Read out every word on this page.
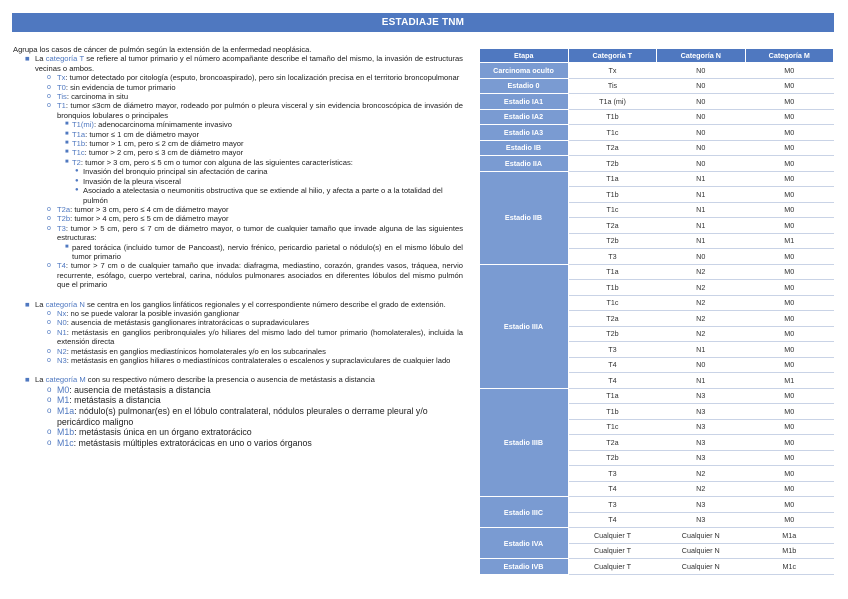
ESTADIAJE TNM

Agrupa los casos de cáncer de pulmón según la extensión de la enfermedad neoplásica.

■ La categoría T se refiere al tumor primario y el número acompañante describe el tamaño del mismo, la invasión de estructuras vecinas o ambos.
o Tx: tumor detectado por citología (esputo, broncoaspirado), pero sin localización precisa en el territorio broncopulmonar
o T0: sin evidencia de tumor primario
o Tis: carcinoma in situ
o T1: tumor ≤3cm de diámetro mayor, rodeado por pulmón o pleura visceral y sin evidencia broncoscópica de invasión de bronquios lobulares o principales
■ T1(mi): adenocarcinoma mínimamente invasivo
■ T1a: tumor ≤ 1 cm de diámetro mayor
■ T1b: tumor > 1 cm, pero ≤ 2 cm de diámetro mayor
■ T1c: tumor > 2 cm, pero ≤ 3 cm de diámetro mayor
■ T2: tumor > 3 cm, pero ≤ 5 cm o tumor con alguna de las siguientes características:
● Invasión del bronquio principal sin afectación de carina
● Invasión de la pleura visceral
● Asociado a atelectasia o neumonitis obstructiva que se extiende al hilio, y afecta a parte o a la totalidad del pulmón
o T2a: tumor > 3 cm, pero ≤ 4 cm de diámetro mayor
o T2b: tumor > 4 cm, pero ≤ 5 cm de diámetro mayor
o T3: tumor > 5 cm, pero ≤ 7 cm de diámetro mayor, o tumor de cualquier tamaño que invade alguna de las siguientes estructuras:
■ pared torácica (incluido tumor de Pancoast), nervio frénico, pericardio parietal o nódulo(s) en el mismo lóbulo del tumor primario
o T4: tumor > 7 cm o de cualquier tamaño que invada: diafragma, mediastino, corazón, grandes vasos, tráquea, nervio recurrente, esófago, cuerpo vertebral, carina, nódulos pulmonares asociados en diferentes lóbulos del mismo pulmón que el primario
■ La categoría N se centra en los ganglios linfáticos regionales y el correspondiente número describe el grado de extensión.
o Nx: no se puede valorar la posible invasión ganglionar
o N0: ausencia de metástasis ganglionares intratorácicas o supradaviculares
o N1: metástasis en ganglios peribronquiales y/o hiliares del mismo lado del tumor primario (homolaterales), incluida la extensión directa
o N2: metástasis en ganglios mediastínicos homolaterales y/o en los subcarinales
o N3: metástasis en ganglios hiliares o mediastínicos contralaterales o escalenos y supraclaviculares de cualquier lado
■ La categoría M con su respectivo número describe la presencia o ausencia de metástasis a distancia
o M0: ausencia de metástasis a distancia
o M1: metástasis a distancia
o M1a: nódulo(s) pulmonar(es) en el lóbulo contralateral, nódulos pleurales o derrame pleural y/o pericárdico maligno
o M1b: metástasis única en un órgano extratorácico
o M1c: metástasis múltiples extratorácicas en uno o varios órganos
Etapa	Categoría T	Categoría N	Categoría M
Carcinoma oculto	Tx	N0	M0
Estadio 0	Tis	N0	M0
Estadio IA1	T1a (mi)	N0	M0
Estadio IA2	T1b	N0	M0
Estadio IA3	T1c	N0	M0
Estadio IB	T2a	N0	M0
Estadio IIA	T2b	N0	M0
Estadio IIB	T1a	N1	M0
	T1b	N1	M0
	T1c	N1	M0
	T2a	N1	M0
	T2b	N1	M1
	T3	N0	M0
Estadio IIIA	T1a	N2	M0
	T1b	N2	M0
	T1c	N2	M0
	T2a	N2	M0
	T2b	N2	M0
	T3	N1	M0
	T4	N0	M0
	T4	N1	M1
Estadio IIIB	T1a	N3	M0
	T1b	N3	M0
	T1c	N3	M0
	T2a	N3	M0
	T2b	N3	M0
	T3	N2	M0
	T4	N2	M0
Estadio IIIC	T3	N3	M0
	T4	N3	M0
Estadio IVA	Cualquier T	Cualquier N	M1a
	Cualquier T	Cualquier N	M1b
Estadio IVB	Cualquier T	Cualquier N	M1c
